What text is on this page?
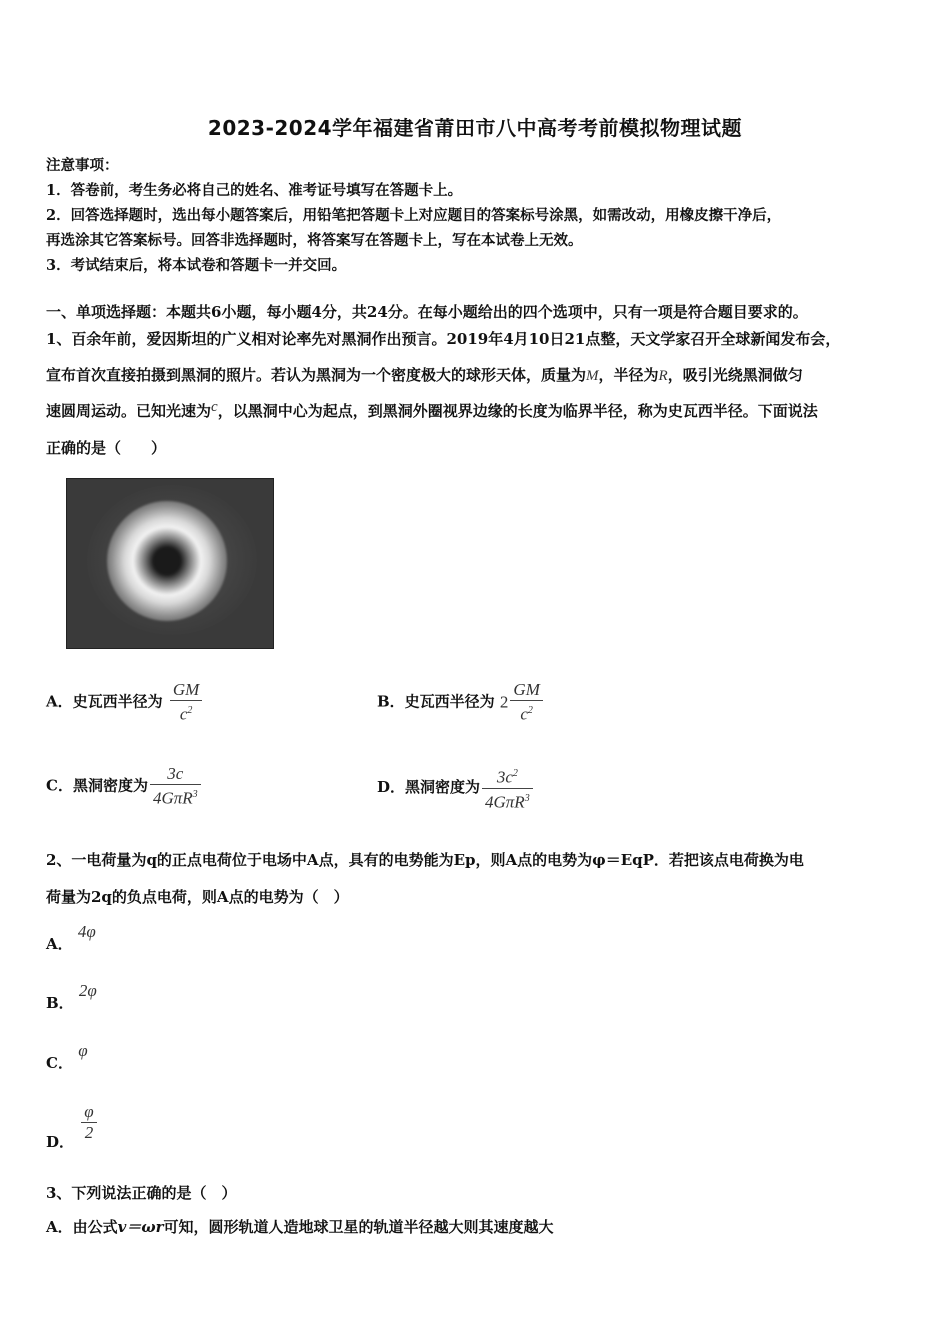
2023-2024学年福建省莆田市八中高考考前模拟物理试题
注意事项：
1．答卷前，考生务必将自己的姓名、准考证号填写在答题卡上。
2．回答选择题时，选出每小题答案后，用铅笔把答题卡上对应题目的答案标号涂黑，如需改动，用橡皮擦干净后，
再选涂其它答案标号。回答非选择题时，将答案写在答题卡上，写在本试卷上无效。
3．考试结束后，将本试卷和答题卡一并交回。
一、单项选择题：本题共6小题，每小题4分，共24分。在每小题给出的四个选项中，只有一项是符合题目要求的。
1、百余年前，爱因斯坦的广义相对论率先对黑洞作出预言。2019年4月10日21点整，天文学家召开全球新闻发布会，
宣布首次直接拍摄到黑洞的照片。若认为黑洞为一个密度极大的球形天体，质量为M，半径为R，吸引光绕黑洞做匀
速圆周运动。已知光速为c，以黑洞中心为起点，到黑洞外圈视界边缘的长度为临界半径，称为史瓦西半径。下面说法
正确的是（　　）
A．史瓦西半径为 $\frac{GM}{c^2}$	B．史瓦西半径为 $2 \frac{GM}{c^2}$
C．黑洞密度为 $\frac{3c}{4G\pi R^3}$	D．黑洞密度为 $\frac{3c^2}{4G\pi R^3}$
2、一电荷量为q的正点电荷位于电场中A点，具有的电势能为Ep，则A点的电势为φ＝EqP．若把该点电荷换为电
荷量为2q的负点电荷，则A点的电势为（　）
A． 4φ
B． 2φ
C． φ
D． $\frac{\varphi}{2}$
3、下列说法正确的是（　）
A．由公式v＝ωr可知，圆形轨道人造地球卫星的轨道半径越大则其速度越大
